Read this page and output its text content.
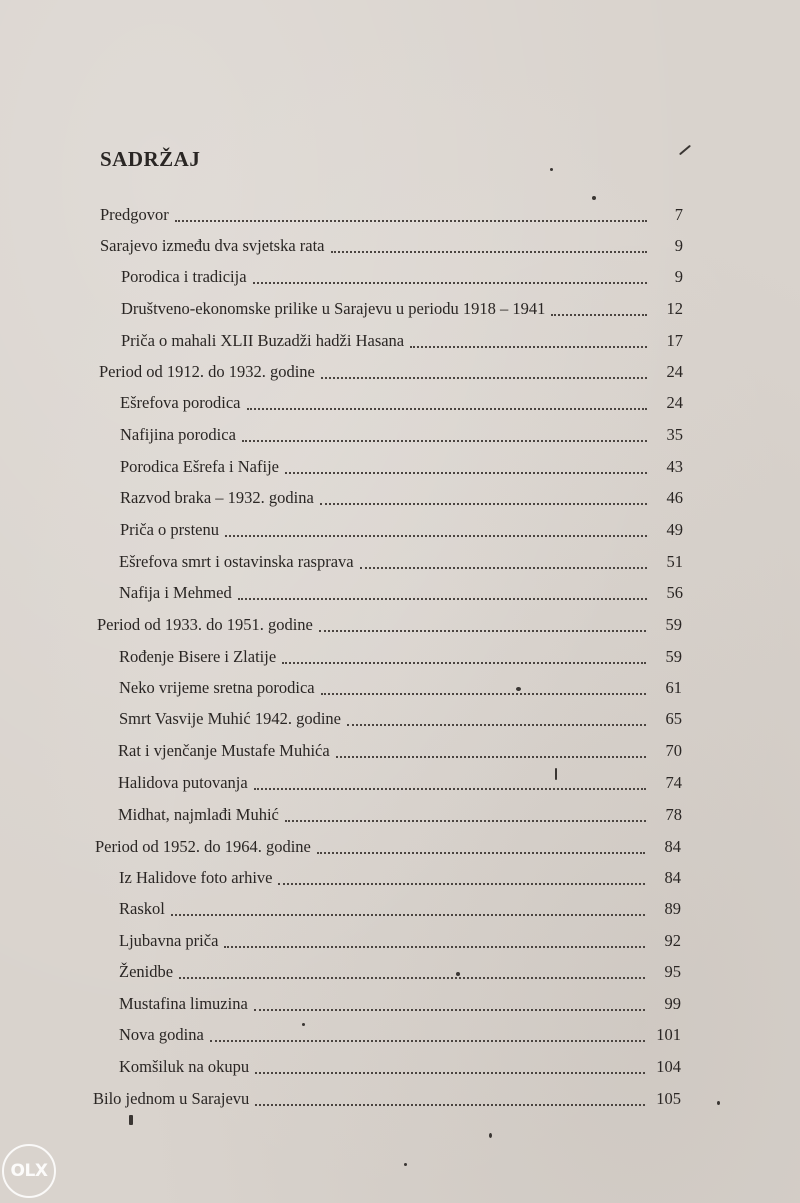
SADRŽAJ
Predgovor	7
Sarajevo između dva svjetska rata	9
Porodica i tradicija	9
Društveno-ekonomske prilike u Sarajevu u periodu 1918 – 1941	12
Priča o mahali XLII Buzadži hadži Hasana	17
Period od 1912. do 1932. godine	24
Ešrefova porodica	24
Nafijina porodica	35
Porodica Ešrefa i Nafije	43
Razvod braka – 1932. godina	46
Priča o prstenu	49
Ešrefova smrt i ostavinska rasprava	51
Nafija i Mehmed	56
Period od 1933. do 1951. godine	59
Rođenje Bisere i Zlatije	59
Neko vrijeme sretna porodica	61
Smrt Vasvije Muhić 1942. godine	65
Rat i vjenčanje Mustafe Muhića	70
Halidova putovanja	74
Midhat, najmlađi Muhić	78
Period od 1952. do 1964. godine	84
Iz Halidove foto arhive	84
Raskol	89
Ljubavna priča	92
Ženidbe	95
Mustafina limuzina	99
Nova godina	101
Komšiluk na okupu	104
Bilo jednom u Sarajevu	105
OLX
